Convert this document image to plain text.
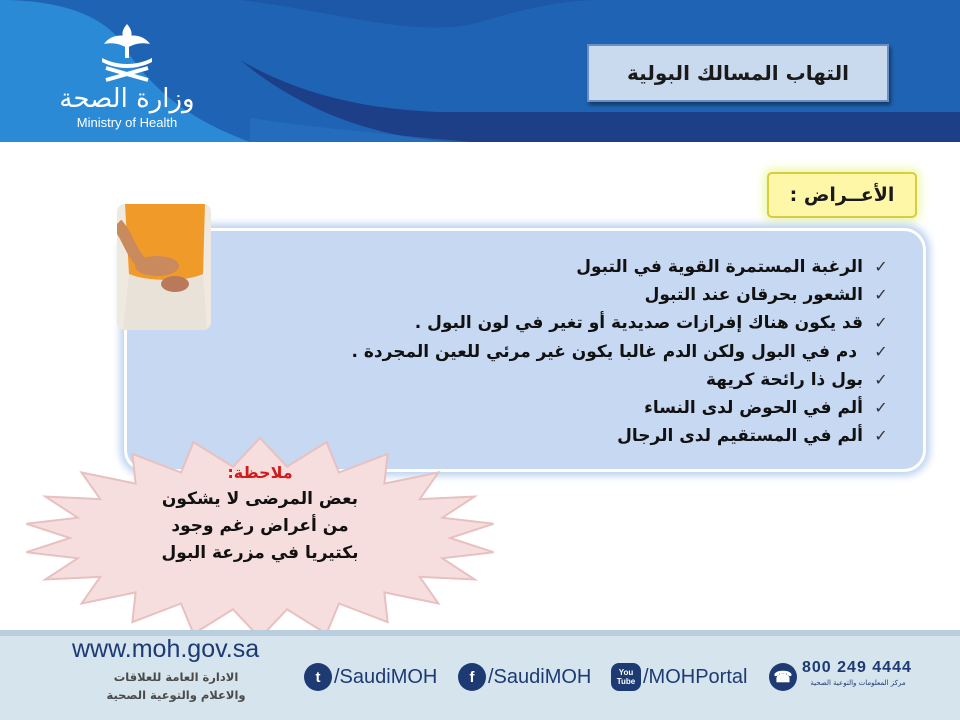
وزارة الصحة
Ministry of Health
التهاب المسالك البولية
الأعــراض :
✓الرغبة المستمرة القوية في التبول
✓الشعور بحرقان عند التبول
✓قد يكون هناك إفرازات صديدية أو تغير في لون البول .
✓ دم في البول ولكن الدم غالبا يكون غير مرئي للعين المجردة .
✓بول ذا رائحة كريهة
✓ألم في الحوض لدى النساء
✓ألم في المستقيم لدى الرجال
ملاحظة:
بعض المرضى لا يشكون
من أعراض رغم وجود
بكتيريا في مزرعة البول
www.moh.gov.sa
الادارة العامة للعلاقات
والاعلام والتوعية الصحية
t /SaudiMOH	f /SaudiMOH	You
Tube /MOHPortal	☎
800 249 4444
مركز المعلومات والتوعية الصحية
